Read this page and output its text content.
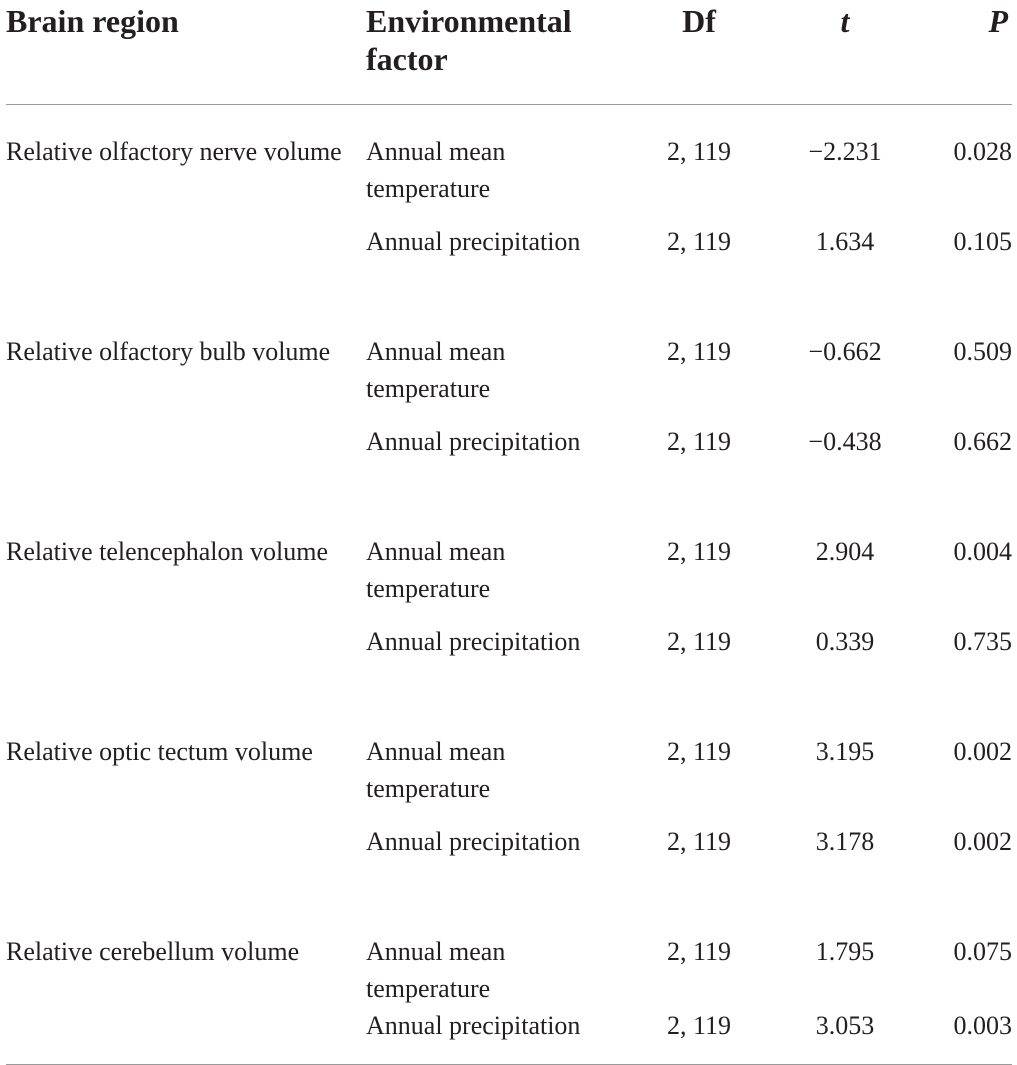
Brain region	Environmental factor	Df	t	P
Relative olfactory nerve volume	Annual mean temperature	2, 119	−2.231	0.028
	Annual precipitation	2, 119	1.634	0.105
Relative olfactory bulb volume	Annual mean temperature	2, 119	−0.662	0.509
	Annual precipitation	2, 119	−0.438	0.662
Relative telencephalon volume	Annual mean temperature	2, 119	2.904	0.004
	Annual precipitation	2, 119	0.339	0.735
Relative optic tectum volume	Annual mean temperature	2, 119	3.195	0.002
	Annual precipitation	2, 119	3.178	0.002
Relative cerebellum volume	Annual mean temperature	2, 119	1.795	0.075
	Annual precipitation	2, 119	3.053	0.003
